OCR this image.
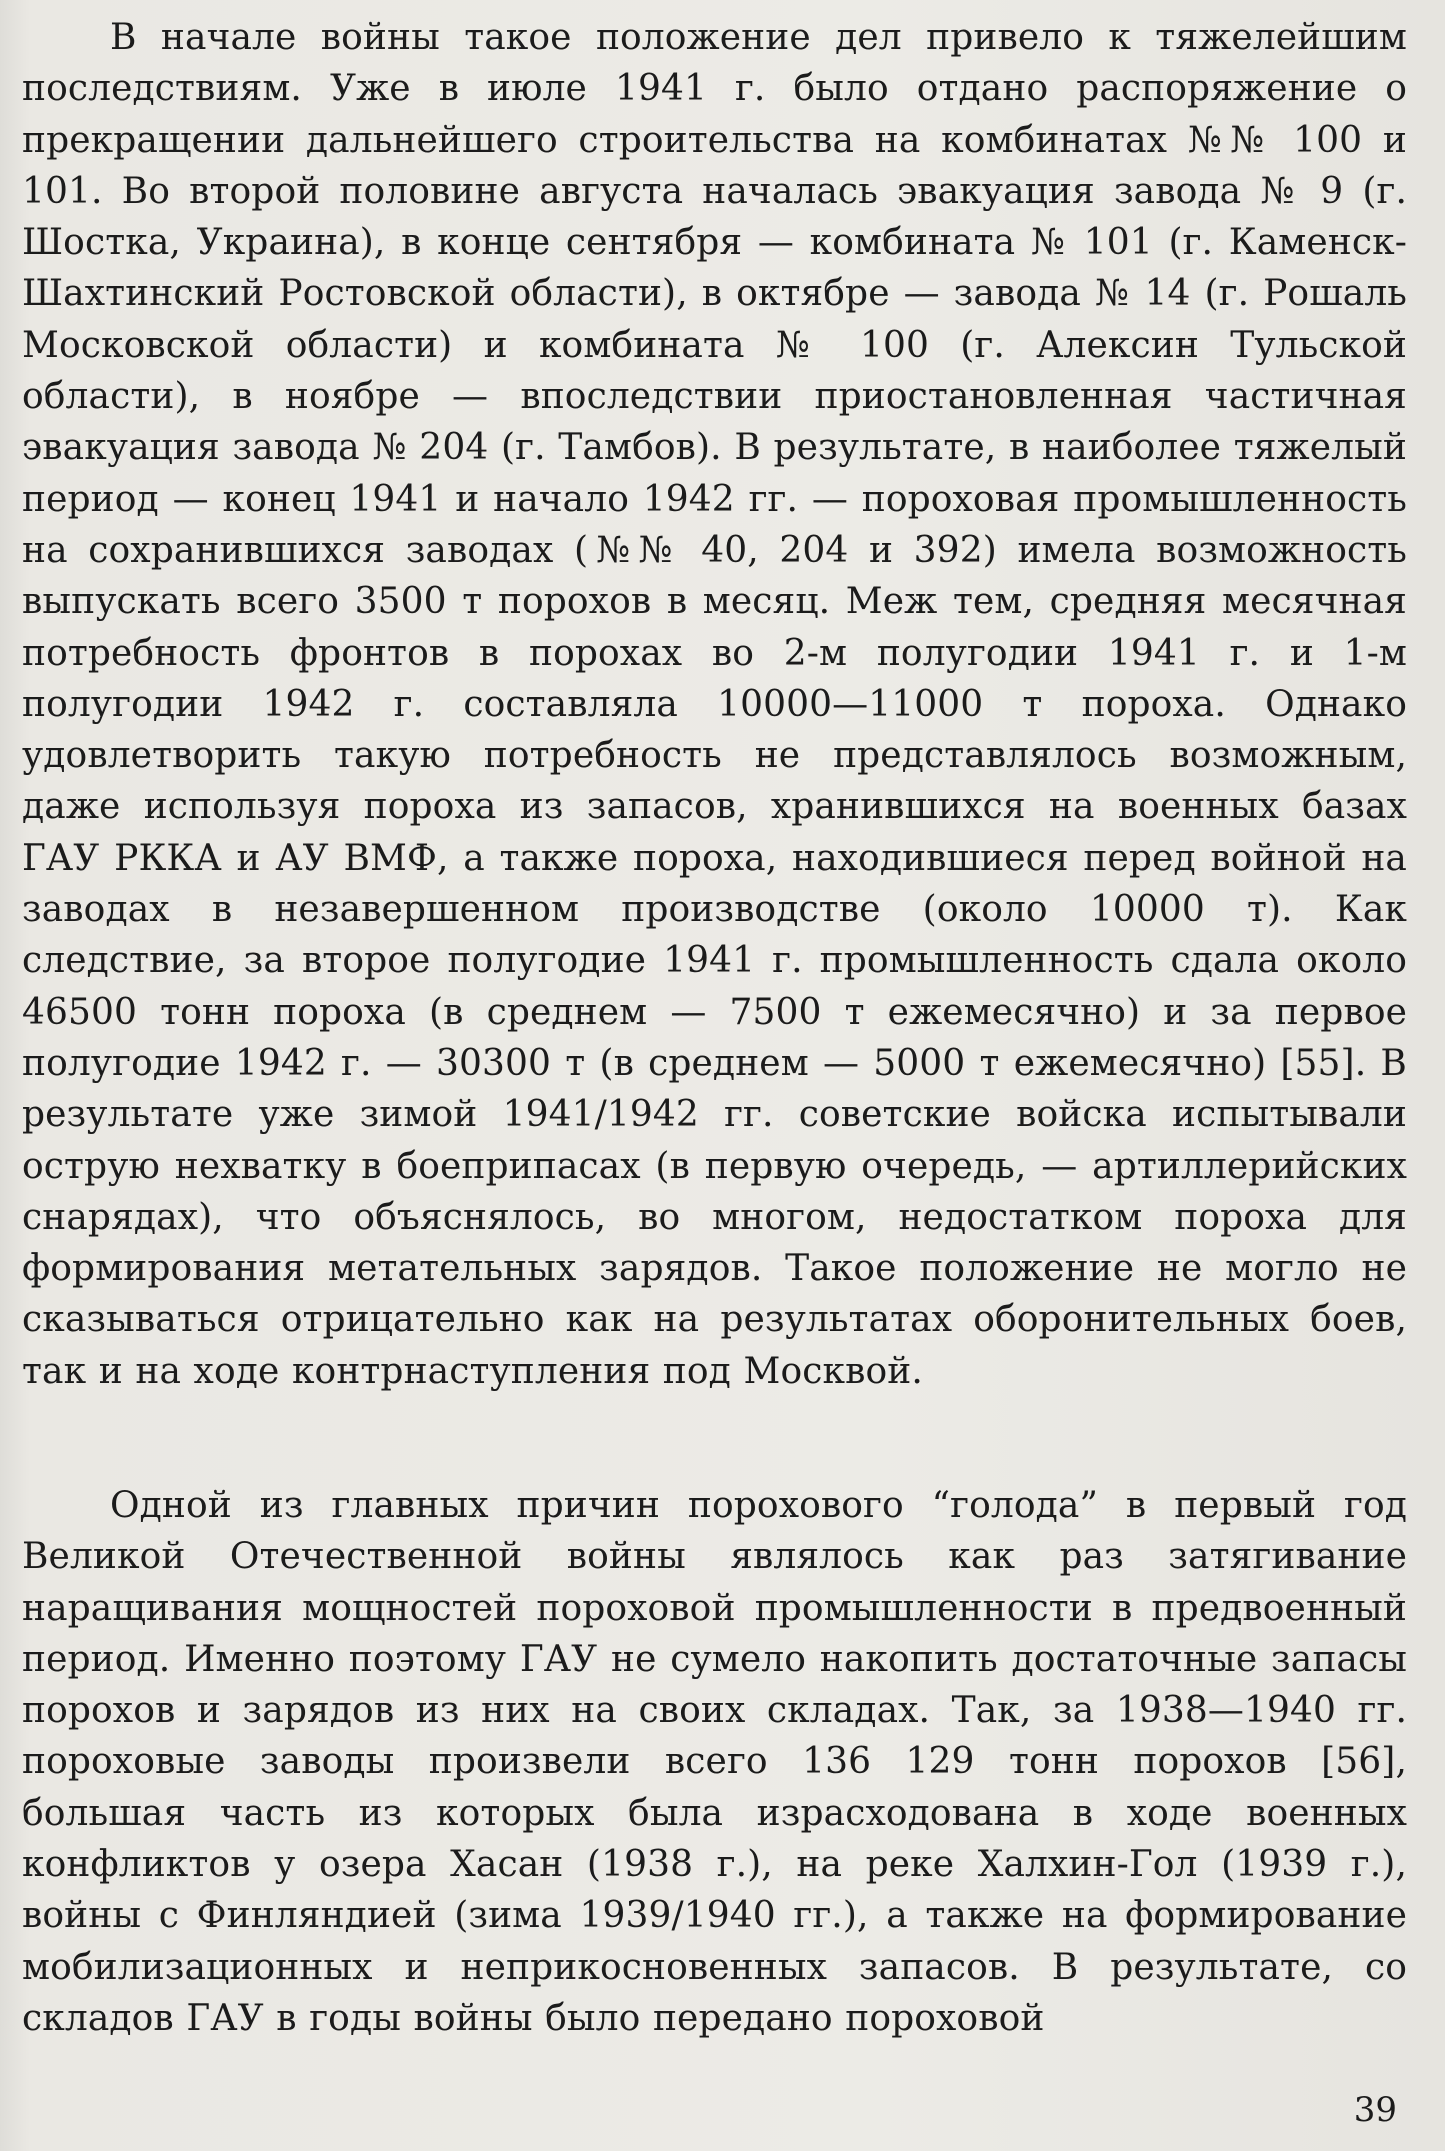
В начале войны такое положение дел привело к тяжелейшим последствиям. Уже в июле 1941 г. было отдано распоряжение о прекращении дальнейшего строительства на комбинатах №№ 100 и 101. Во второй половине августа началась эвакуация завода № 9 (г. Шостка, Украина), в конце сентября — комбината № 101 (г. Каменск-Шахтинский Ростовской области), в октябре — завода № 14 (г. Рошаль Московской области) и комбината № 100 (г. Алексин Тульской области), в ноябре — впоследствии приостановленная частичная эвакуация завода № 204 (г. Тамбов). В результате, в наиболее тяжелый период — конец 1941 и начало 1942 гг. — пороховая промышленность на сохранившихся заводах (№№ 40, 204 и 392) имела возможность выпускать всего 3500 т порохов в месяц. Меж тем, средняя месячная потребность фронтов в порохах во 2-м полугодии 1941 г. и 1-м полугодии 1942 г. составляла 10000—11000 т пороха. Однако удовлетворить такую потребность не представлялось возможным, даже используя пороха из запасов, хранившихся на военных базах ГАУ РККА и АУ ВМФ, а также пороха, находившиеся перед войной на заводах в незавершенном производстве (около 10000 т). Как следствие, за второе полугодие 1941 г. промышленность сдала около 46500 тонн пороха (в среднем — 7500 т ежемесячно) и за первое полугодие 1942 г. — 30300 т (в среднем — 5000 т ежемесячно) [55]. В результате уже зимой 1941/1942 гг. советские войска испытывали острую нехватку в боеприпасах (в первую очередь, — артиллерийских снарядах), что объяснялось, во многом, недостатком пороха для формирования метательных зарядов. Такое положение не могло не сказываться отрицательно как на результатах оборонительных боев, так и на ходе контрнаступления под Москвой.

Одной из главных причин порохового “голода” в первый год Великой Отечественной войны являлось как раз затягивание наращивания мощностей пороховой промышленности в предвоенный период. Именно поэтому ГАУ не сумело накопить достаточные запасы порохов и зарядов из них на своих складах. Так, за 1938—1940 гг. пороховые заводы произвели всего 136 129 тонн порохов [56], большая часть из которых была израсходована в ходе военных конфликтов у озера Хасан (1938 г.), на реке Халхин-Гол (1939 г.), войны с Финляндией (зима 1939/1940 гг.), а также на формирование мобилизационных и неприкосновенных запасов. В результате, со складов ГАУ в годы войны было передано пороховой

39
